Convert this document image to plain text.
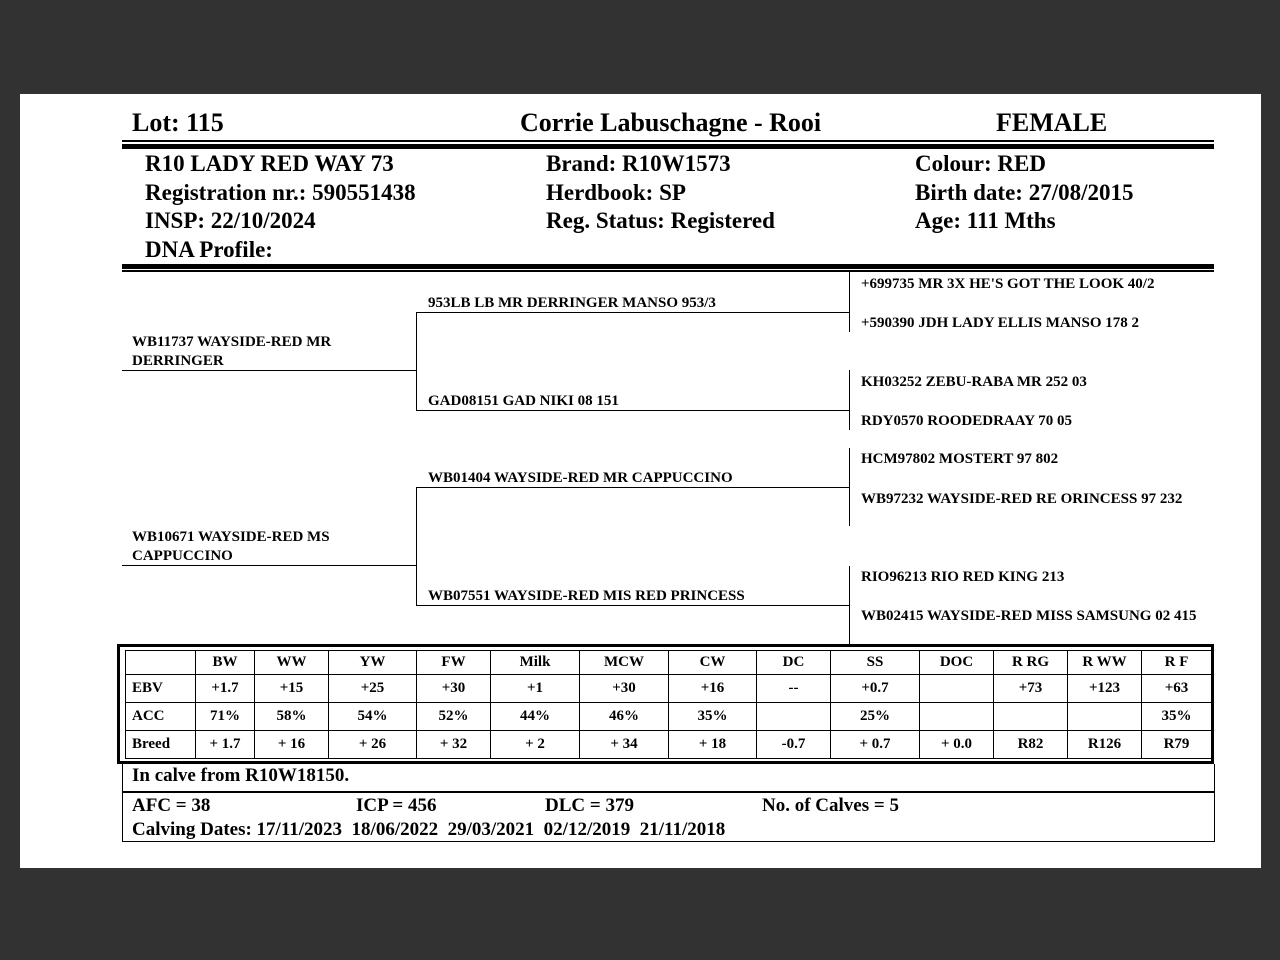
Lot: 115	Corrie Labuschagne - Rooi	FEMALE
R10 LADY RED WAY 73
Registration nr.: 590551438
INSP: 22/10/2024
DNA Profile:
Brand: R10W1573
Herdbook: SP
Reg. Status: Registered
Colour: RED
Birth date: 27/08/2015
Age: 111 Mths
WB11737 WAYSIDE-RED MR DERRINGER
WB10671 WAYSIDE-RED MS CAPPUCCINO
953LB LB MR DERRINGER MANSO 953/3
GAD08151 GAD NIKI 08 151
WB01404 WAYSIDE-RED MR CAPPUCCINO
WB07551 WAYSIDE-RED MIS RED PRINCESS
+699735 MR 3X HE'S GOT THE LOOK 40/2
+590390 JDH LADY ELLIS MANSO 178 2
KH03252 ZEBU-RABA MR 252 03
RDY0570 ROODEDRAAY 70 05
HCM97802 MOSTERT 97 802
WB97232 WAYSIDE-RED RE ORINCESS 97 232
RIO96213 RIO RED KING 213
WB02415 WAYSIDE-RED MISS SAMSUNG 02 415
	BW	WW	YW	FW	Milk	MCW	CW	DC	SS	DOC	R RG	R WW	R F
EBV	+1.7	+15	+25	+30	+1	+30	+16	--	+0.7		+73	+123	+63
ACC	71%	58%	54%	52%	44%	46%	35%		25%				35%
Breed	+ 1.7	+ 16	+ 26	+ 32	+ 2	+ 34	+ 18	-0.7	+ 0.7	+ 0.0	R82	R126	R79
In calve from R10W18150.
AFC = 38	ICP = 456	DLC = 379	No. of Calves = 5
Calving Dates: 17/11/2023  18/06/2022  29/03/2021  02/12/2019  21/11/2018
